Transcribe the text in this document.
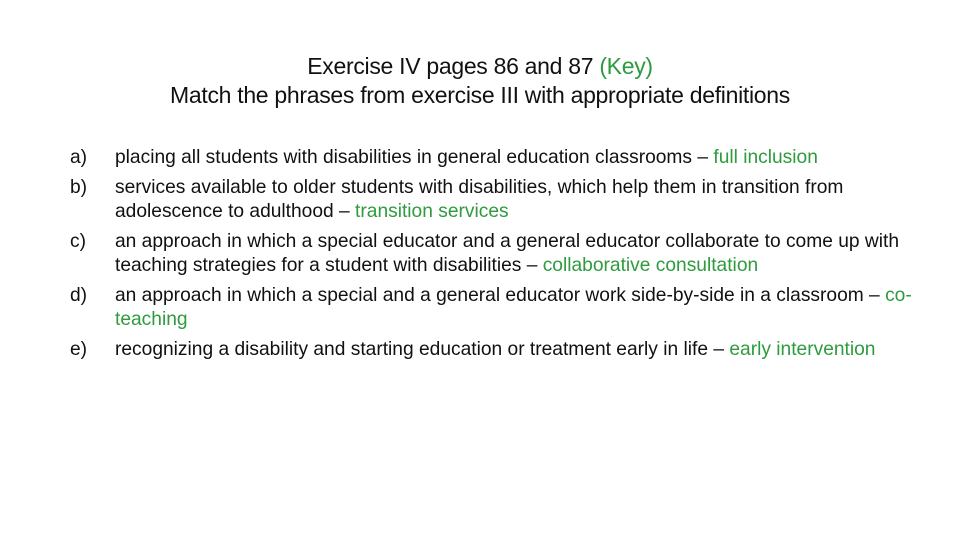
Exercise IV pages 86 and 87 (Key)
Match the phrases from exercise III with appropriate definitions
a)	placing all students with disabilities in general education classrooms – full inclusion
b)	services available to older students with disabilities, which help them in transition from adolescence to adulthood – transition services
c)	an approach in which a special educator and a general educator collaborate to come up with teaching strategies for a student with disabilities – collaborative consultation
d)	an approach in which a special and a general educator work side-by-side in a classroom – co-teaching
e)	recognizing a disability and starting education or treatment early in life – early intervention
